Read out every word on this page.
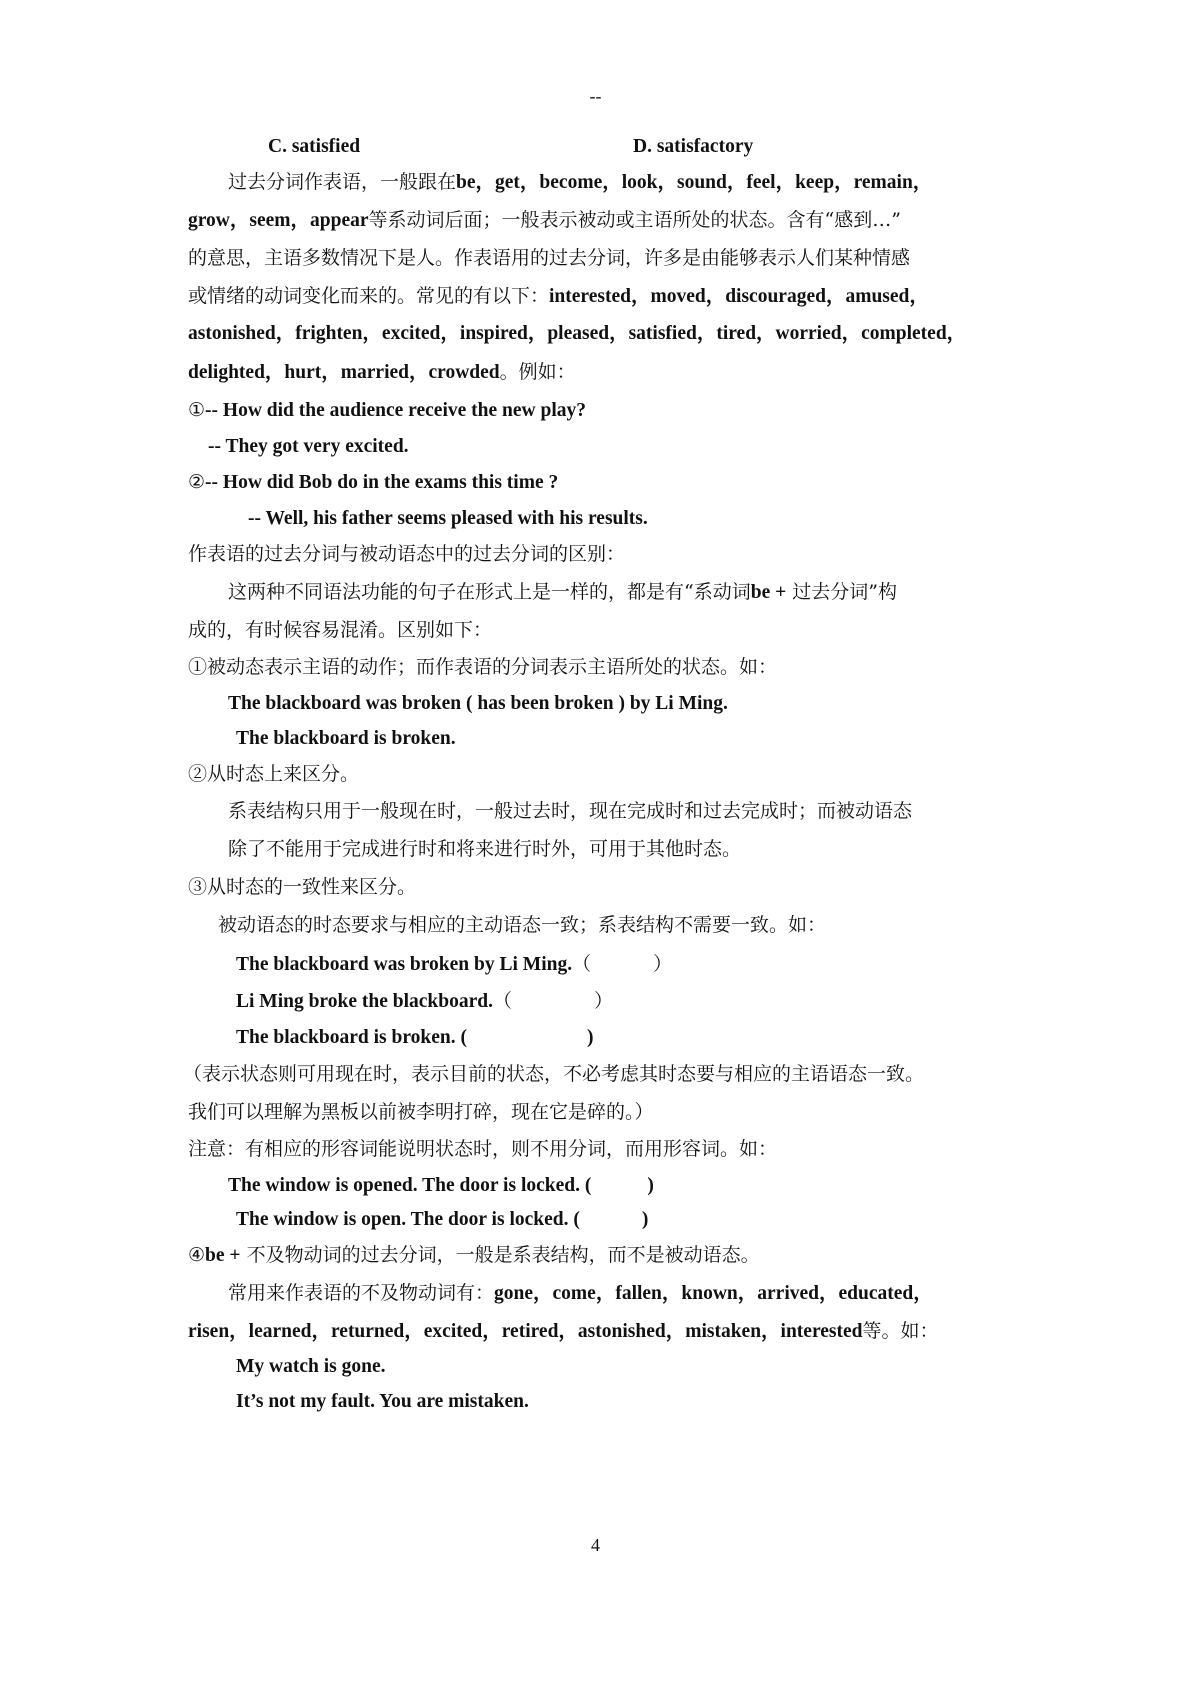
--
C. satisfied	D. satisfactory
过去分词作表语，一般跟在be，get，become，look，sound，feel，keep，remain，
grow，seem，appear等系动词后面；一般表示被动或主语所处的状态。含有“感到…”
的意思，主语多数情况下是人。作表语用的过去分词，许多是由能够表示人们某种情感
或情绪的动词变化而来的。常见的有以下：interested，moved，discouraged，amused，
astonished，frighten，excited，inspired，pleased，satisfied，tired，worried，completed，
delighted，hurt，married，crowded。例如：
①-- How did the audience receive the new play?
-- They got very excited.
②-- How did Bob do in the exams this time ?
-- Well, his father seems pleased with his results.
作表语的过去分词与被动语态中的过去分词的区别：
这两种不同语法功能的句子在形式上是一样的，都是有“系动词be + 过去分词”构
成的，有时候容易混淆。区别如下：
①被动态表示主语的动作；而作表语的分词表示主语所处的状态。如：
The blackboard was broken ( has been broken ) by Li Ming.
The blackboard is broken.
②从时态上来区分。
系表结构只用于一般现在时，一般过去时，现在完成时和过去完成时；而被动语态
除了不能用于完成进行时和将来进行时外，可用于其他时态。
③从时态的一致性来区分。
被动语态的时态要求与相应的主动语态一致；系表结构不需要一致。如：
The blackboard was broken by Li Ming.（	）
Li Ming broke the blackboard.（	）
The blackboard is broken. (	)
（表示状态则可用现在时，表示目前的状态，不必考虑其时态要与相应的主语语态一致。
我们可以理解为黑板以前被李明打碎，现在它是碎的。）
注意：有相应的形容词能说明状态时，则不用分词，而用形容词。如：
The window is opened. The door is locked. (	)
The window is open. The door is locked. (	)
④be + 不及物动词的过去分词，一般是系表结构，而不是被动语态。
常用来作表语的不及物动词有：gone，come，fallen，known，arrived，educated，
risen，learned，returned，excited，retired，astonished，mistaken，interested等。如：
My watch is gone.
It’s not my fault. You are mistaken.
4
